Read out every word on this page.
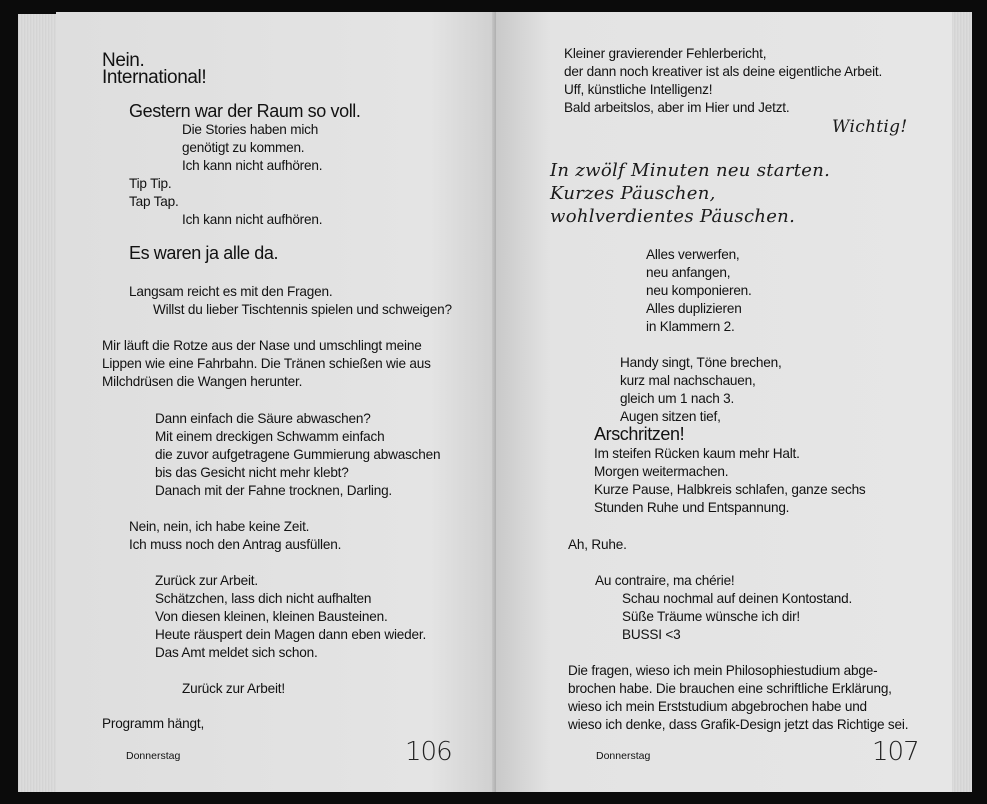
Nein.
International!
Gestern war der Raum so voll.
Die Stories haben mich
genötigt zu kommen.
Ich kann nicht aufhören.
Tip Tip.
Tap Tap.
Ich kann nicht aufhören.
Es waren ja alle da.
Langsam reicht es mit den Fragen.
Willst du lieber Tischtennis spielen und schweigen?
Mir läuft die Rotze aus der Nase und umschlingt meine
Lippen wie eine Fahrbahn. Die Tränen schießen wie aus
Milchdrüsen die Wangen herunter.
Dann einfach die Säure abwaschen?
Mit einem dreckigen Schwamm einfach
die zuvor aufgetragene Gummierung abwaschen
bis das Gesicht nicht mehr klebt?
Danach mit der Fahne trocknen, Darling.
Nein, nein, ich habe keine Zeit.
Ich muss noch den Antrag ausfüllen.
Zurück zur Arbeit.
Schätzchen, lass dich nicht aufhalten
Von diesen kleinen, kleinen Bausteinen.
Heute räuspert dein Magen dann eben wieder.
Das Amt meldet sich schon.
Zurück zur Arbeit!
Programm hängt,
Donnerstag	106
Kleiner gravierender Fehlerbericht,
der dann noch kreativer ist als deine eigentliche Arbeit.
Uff, künstliche Intelligenz!
Bald arbeitslos, aber im Hier und Jetzt.
Wichtig!
In zwölf Minuten neu starten.
Kurzes Päuschen,
wohlverdientes Päuschen.
Alles verwerfen,
neu anfangen,
neu komponieren.
Alles duplizieren
in Klammern 2.
Handy singt, Töne brechen,
kurz mal nachschauen,
gleich um 1 nach 3.
Augen sitzen tief,
Arschritzen!
Im steifen Rücken kaum mehr Halt.
Morgen weitermachen.
Kurze Pause, Halbkreis schlafen, ganze sechs
Stunden Ruhe und Entspannung.
Ah, Ruhe.
Au contraire, ma chérie!
Schau nochmal auf deinen Kontostand.
Süße Träume wünsche ich dir!
BUSSI <3
Die fragen, wieso ich mein Philosophiestudium abge-
brochen habe. Die brauchen eine schriftliche Erklärung,
wieso ich mein Erststudium abgebrochen habe und
wieso ich denke, dass Grafik-Design jetzt das Richtige sei.
Donnerstag	107
